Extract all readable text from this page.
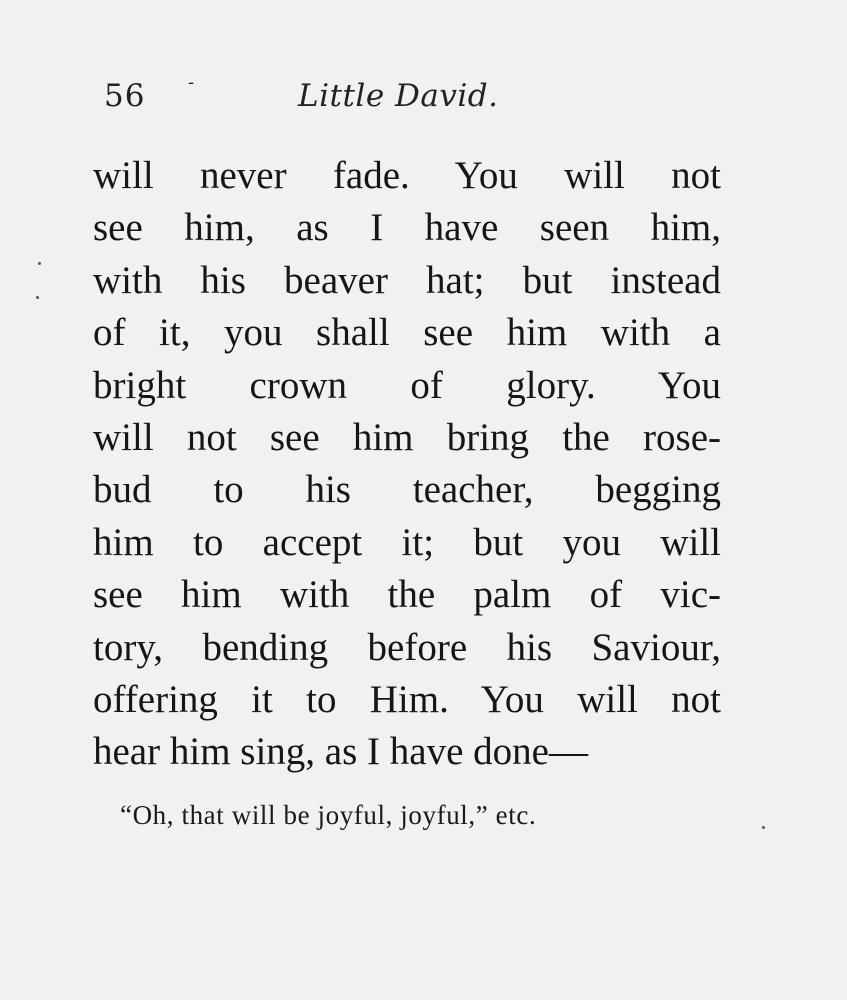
56 -	Little David.
will never fade. You will not
see him, as I have seen him,
with his beaver hat; but instead
of it, you shall see him with a
bright crown of glory. You
will not see him bring the rose-
bud to his teacher, begging
him to accept it; but you will
see him with the palm of vic-
tory, bending before his Saviour,
offering it to Him. You will not
hear him sing, as I have done—
“Oh, that will be joyful, joyful,” etc.
